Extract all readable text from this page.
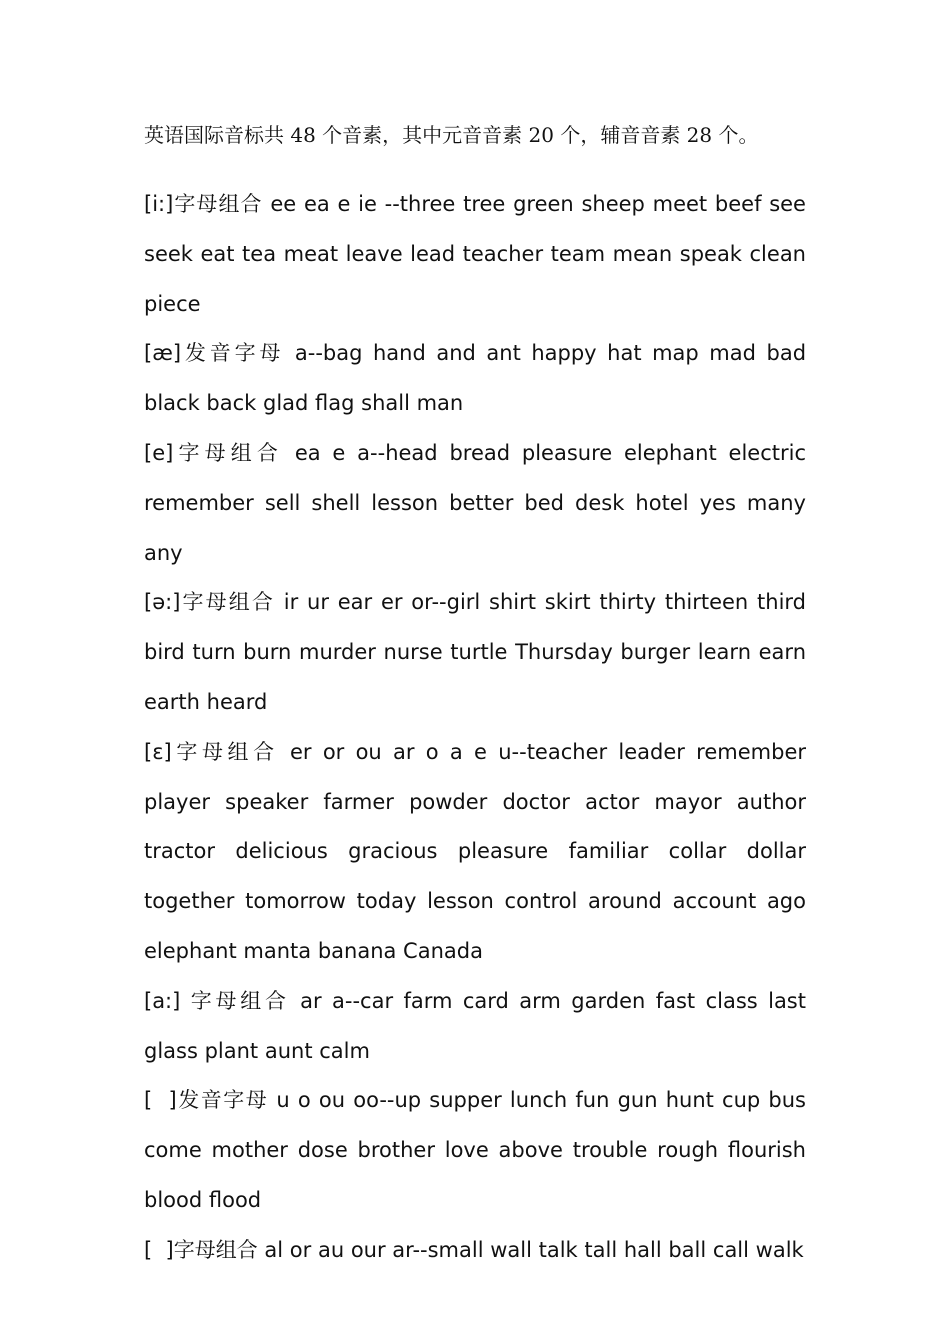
英语国际音标共 48 个音素，其中元音音素 20 个，辅音音素 28 个。

[i:]字母组合 ee ea e ie --three tree green sheep meet beef see seek eat tea meat leave lead teacher team mean speak clean piece

[æ]发音字母 a--bag hand and ant happy hat map mad bad black back glad flag shall man

[e]字母组合 ea e a--head bread pleasure elephant electric remember sell shell lesson better bed desk hotel yes many any

[ə:]字母组合 ir ur ear er or--girl shirt skirt thirty thirteen third bird turn burn murder nurse turtle Thursday burger learn earn earth heard

[ɛ]字母组合 er or ou ar o a e u--teacher leader remember player speaker farmer powder doctor actor mayor author tractor delicious gracious pleasure familiar collar dollar together tomorrow today lesson control around account ago elephant manta banana Canada

[a:] 字母组合 ar a--car farm card arm garden fast class last glass plant aunt calm

[  ]发音字母 u o ou oo--up supper lunch fun gun hunt cup bus come mother dose brother love above trouble rough flourish blood flood

[  ]字母组合 al or au our ar--small wall talk tall hall ball call walk
